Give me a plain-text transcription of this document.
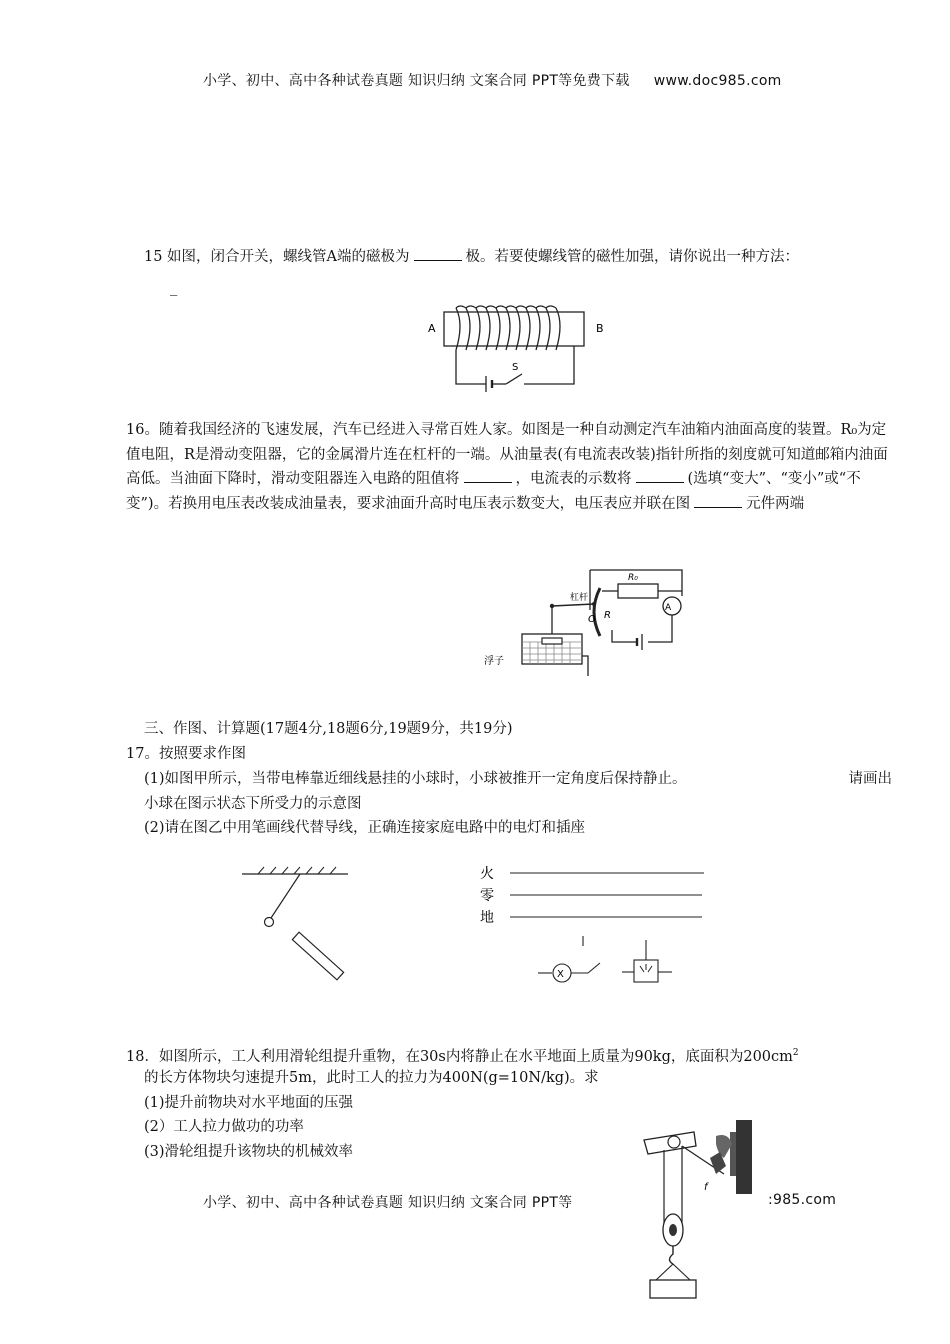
小学、初中、高中各种试卷真题 知识归纳 文案合同 PPT等免费下载 www.doc985.com
15 如图，闭合开关，螺线管A端的磁极为	极。若要使螺线管的磁性加强，请你说出一种方法：
_
A	B
S
16。随着我国经济的飞速发展，汽车已经进入寻常百姓人家。如图是一种自动测定汽车油箱内油面高度的装置。R₀为定值电阻，R是滑动变阻器，它的金属滑片连在杠杆的一端。从油量表(有电流表改装)指针所指的刻度就可知道邮箱内油面高低。当油面下降时，滑动变阻器连入电路的阻值将	，电流表的示数将	(选填“变大”、“变小”或“不变”)。若换用电压表改装成油量表，要求油面升高时电压表示数变大，电压表应并联在图	元件两端
A
R₀
R
O
杠杆
浮子
三、作图、计算题(17题4分,18题6分,19题9分，共19分)
17。按照要求作图
(1)如图甲所示，当带电棒靠近细线悬挂的小球时，小球被推开一定角度后保持静止。	请画出
小球在图示状态下所受力的示意图
(2)请在图乙中用笔画线代替导线，正确连接家庭电路中的电灯和插座
火
零
地
X
18．如图所示，工人利用滑轮组提升重物，在30s内将静止在水平地面上质量为90kg，底面积为$200cm^2$
的长方体物块匀速提升5m，此时工人的拉力为400N(g=10N/kg)。求
(1)提升前物块对水平地面的压强
(2）工人拉力做功的功率
(3)滑轮组提升该物块的机械效率
小学、初中、高中各种试卷真题 知识归纳 文案合同 PPT等	:985.com
f
